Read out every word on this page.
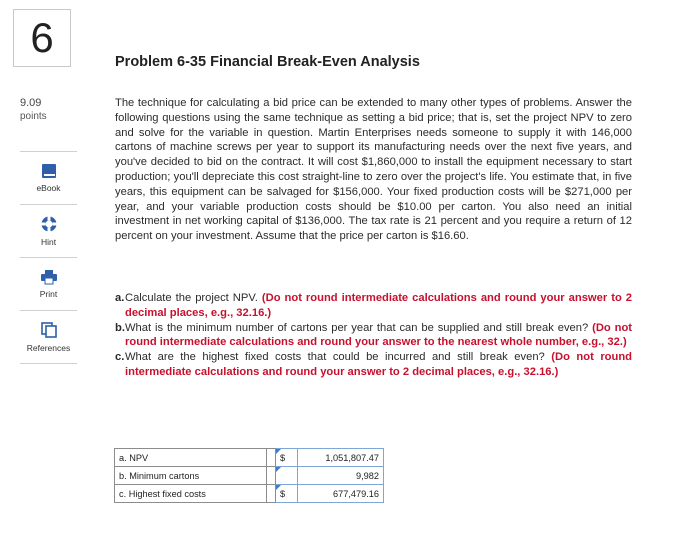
6
9.09
points
eBook
Hint
Print
References
Problem 6-35 Financial Break-Even Analysis
The technique for calculating a bid price can be extended to many other types of problems. Answer the following questions using the same technique as setting a bid price; that is, set the project NPV to zero and solve for the variable in question. Martin Enterprises needs someone to supply it with 146,000 cartons of machine screws per year to support its manufacturing needs over the next five years, and you've decided to bid on the contract. It will cost $1,860,000 to install the equipment necessary to start production; you'll depreciate this cost straight-line to zero over the project's life. You estimate that, in five years, this equipment can be salvaged for $156,000. Your fixed production costs will be $271,000 per year, and your variable production costs should be $10.00 per carton. You also need an initial investment in net working capital of $136,000. The tax rate is 21 percent and you require a return of 12 percent on your investment. Assume that the price per carton is $16.60.
a. Calculate the project NPV. (Do not round intermediate calculations and round your answer to 2 decimal places, e.g., 32.16.)
b. What is the minimum number of cartons per year that can be supplied and still break even? (Do not round intermediate calculations and round your answer to the nearest whole number, e.g., 32.)
c. What are the highest fixed costs that could be incurred and still break even? (Do not round intermediate calculations and round your answer to 2 decimal places, e.g., 32.16.)
a. NPV		$	1,051,807.47
b. Minimum cartons			9,982
c. Highest fixed costs		$	677,479.16
